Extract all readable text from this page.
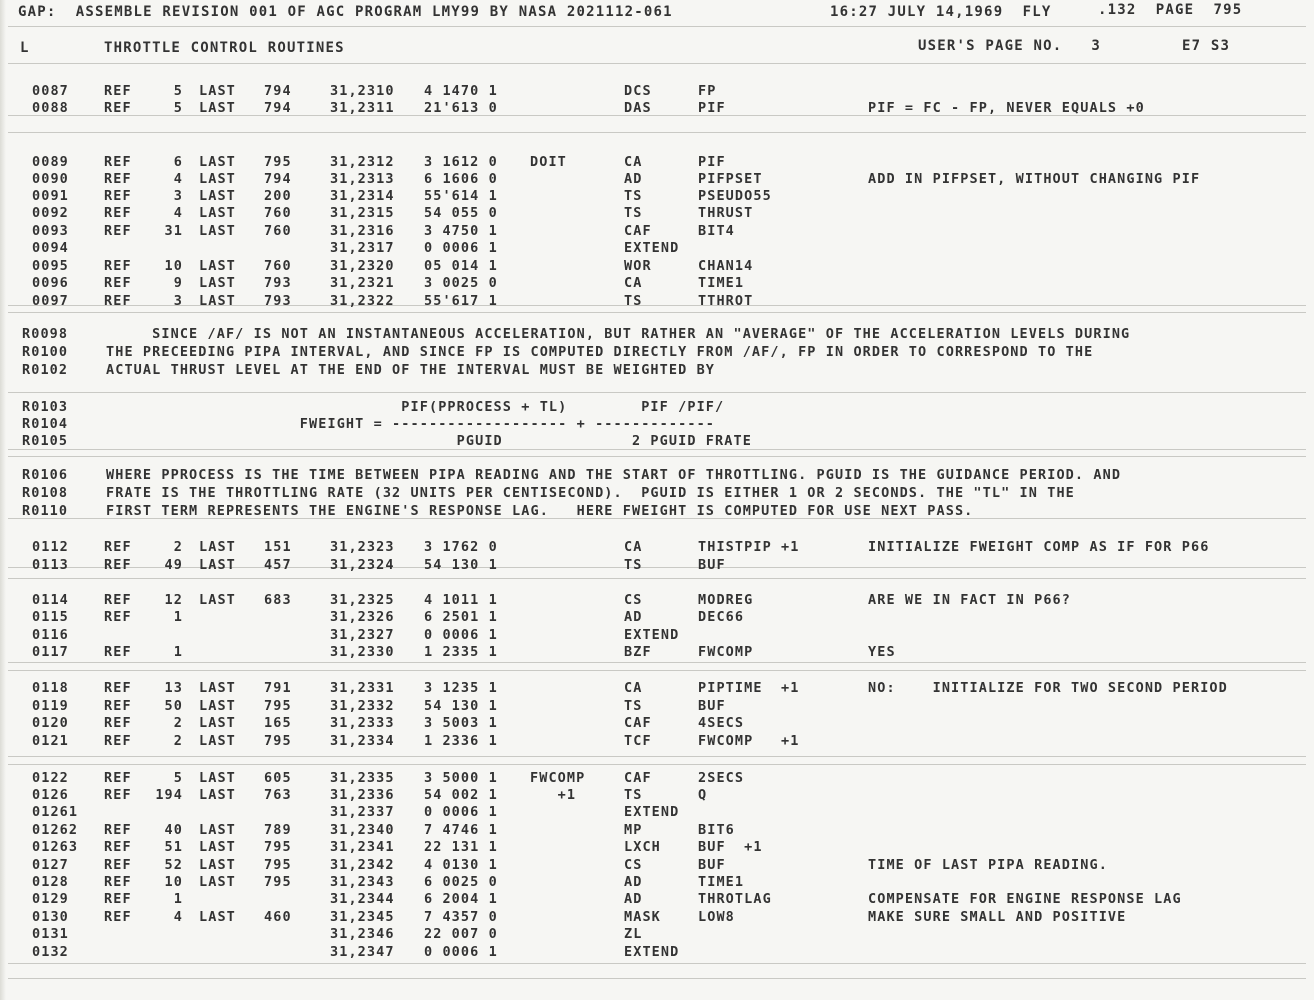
GAP:  ASSEMBLE REVISION 001 OF AGC PROGRAM LMY99 BY NASA 2021112-061	16:27 JULY 14,1969  FLY	.132  PAGE  795
L	THROTTLE CONTROL ROUTINES	USER'S PAGE NO.   3	E7 S3
0087	REF	5 LAST 794	31,2310 4 1470 1	DCS	FP
0088	REF	5 LAST 794	31,2311 21'613 0	DAS	PIF	PIF = FC - FP, NEVER EQUALS +0
0089	REF	6 LAST 795	31,2312 3 1612 0 DOIT	CA	PIF
0090	REF	4 LAST 794	31,2313 6 1606 0	AD	PIFPSET	ADD IN PIFPSET, WITHOUT CHANGING PIF
0091	REF	3 LAST 200	31,2314 55'614 1	TS	PSEUDO55
0092	REF	4 LAST 760	31,2315 54 055 0	TS	THRUST
0093	REF 31 LAST 760	31,2316 3 4750 1	CAF	BIT4
0094	31,2317 0 0006 1	EXTEND
0095	REF 10 LAST 760	31,2320 05 014 1	WOR	CHAN14
0096	REF	9 LAST 793	31,2321 3 0025 0	CA	TIME1
0097	REF	3 LAST 793	31,2322 55'617 1	TS	TTHROT
0112	REF	2 LAST 151	31,2323 3 1762 0	CA	THISTPIP +1	INITIALIZE FWEIGHT COMP AS IF FOR P66
0113	REF 49 LAST 457	31,2324 54 130 1	TS	BUF
0114	REF 12 LAST 683	31,2325 4 1011 1	CS	MODREG	ARE WE IN FACT IN P66?
0115	REF	1	31,2326 6 2501 1	AD	DEC66
0116	31,2327 0 0006 1	EXTEND
0117	REF	1	31,2330 1 2335 1	BZF	FWCOMP	YES
0118	REF 13 LAST 791	31,2331 3 1235 1	CA	PIPTIME  +1	NO:    INITIALIZE FOR TWO SECOND PERIOD
0119	REF 50 LAST 795	31,2332 54 130 1	TS	BUF
0120	REF	2 LAST 165	31,2333 3 5003 1	CAF	4SECS
0121	REF	2 LAST 795	31,2334 1 2336 1	TCF	FWCOMP   +1
0122	REF	5 LAST 605	31,2335 3 5000 1 FWCOMP	CAF	2SECS
0126	REF 194 LAST 763	31,2336 54 002 1 +1	TS	Q
01261	31,2337 0 0006 1	EXTEND
01262 REF 40 LAST 789	31,2340 7 4746 1	MP	BIT6
01263 REF 51 LAST 795	31,2341 22 131 1	LXCH	BUF  +1
0127	REF 52 LAST 795	31,2342 4 0130 1	CS	BUF	TIME OF LAST PIPA READING.
0128	REF 10 LAST 795	31,2343 6 0025 0	AD	TIME1
0129	REF	1	31,2344 6 2004 1	AD	THROTLAG	COMPENSATE FOR ENGINE RESPONSE LAG
0130	REF	4 LAST 460	31,2345 7 4357 0	MASK	LOW8	MAKE SURE SMALL AND POSITIVE
0131	31,2346 22 007 0	ZL
0132	31,2347 0 0006 1	EXTEND
R0098	SINCE /AF/ IS NOT AN INSTANTANEOUS ACCELERATION, BUT RATHER AN "AVERAGE" OF THE ACCELERATION LEVELS DURING
R0100	THE PRECEEDING PIPA INTERVAL, AND SINCE FP IS COMPUTED DIRECTLY FROM /AF/, FP IN ORDER TO CORRESPOND TO THE
R0102	ACTUAL THRUST LEVEL AT THE END OF THE INTERVAL MUST BE WEIGHTED BY
R0103	PIF(PPROCESS + TL)        PIF /PIF/
R0104	FWEIGHT = ------------------- + -------------
R0105	PGUID              2 PGUID FRATE
R0106	WHERE PPROCESS IS THE TIME BETWEEN PIPA READING AND THE START OF THROTTLING. PGUID IS THE GUIDANCE PERIOD. AND
R0108	FRATE IS THE THROTTLING RATE (32 UNITS PER CENTISECOND).  PGUID IS EITHER 1 OR 2 SECONDS. THE "TL" IN THE
R0110	FIRST TERM REPRESENTS THE ENGINE'S RESPONSE LAG.   HERE FWEIGHT IS COMPUTED FOR USE NEXT PASS.
